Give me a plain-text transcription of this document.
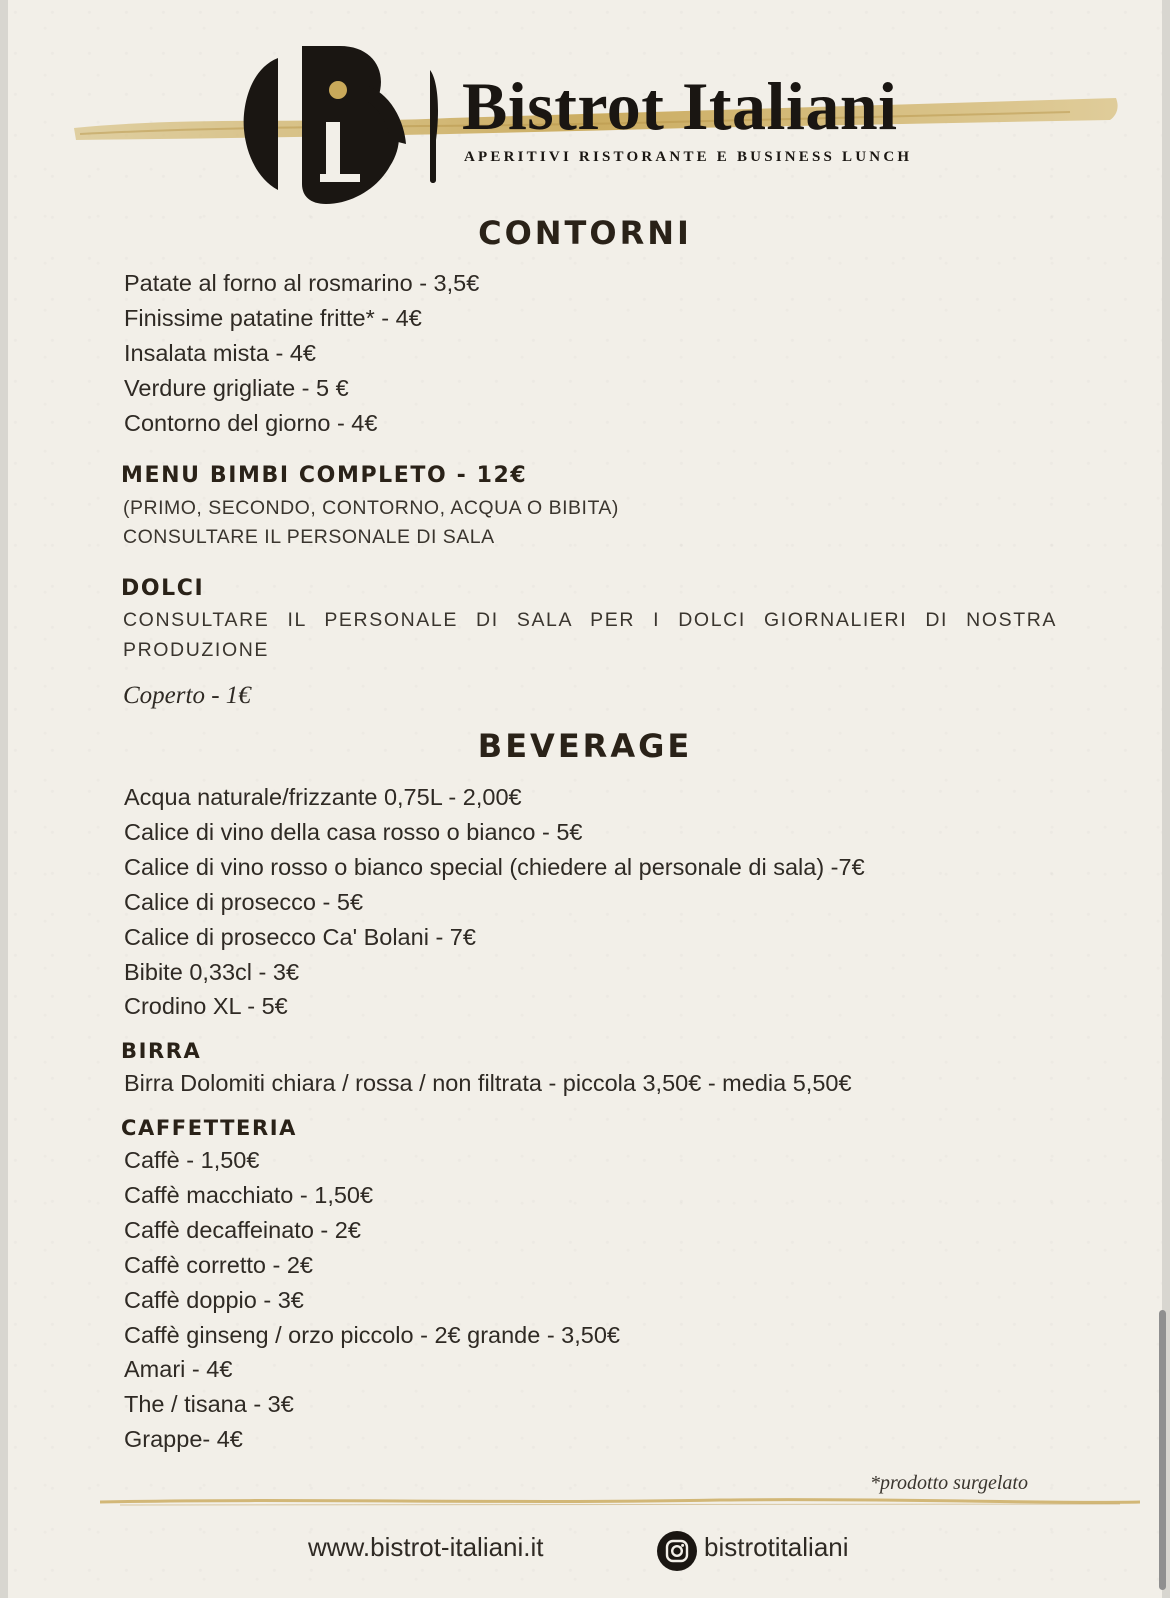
Bistrot Italiani

APERITIVI RISTORANTE E BUSINESS LUNCH

CONTORNI
Patate al forno al rosmarino - 3,5€
Finissime patatine fritte* - 4€
Insalata mista - 4€
Verdure grigliate - 5 €
Contorno del giorno - 4€
MENU BIMBI COMPLETO - 12€

(PRIMO, SECONDO, CONTORNO, ACQUA O BIBITA)

CONSULTARE IL PERSONALE DI SALA

DOLCI

CONSULTARE IL PERSONALE DI SALA PER I DOLCI GIORNALIERI DI NOSTRA PRODUZIONE

Coperto - 1€

BEVERAGE
Acqua naturale/frizzante 0,75L - 2,00€
Calice di vino della casa rosso o bianco - 5€
Calice di vino rosso o bianco special (chiedere al personale di sala) -7€
Calice di prosecco - 5€
Calice di prosecco Ca' Bolani - 7€
Bibite 0,33cl - 3€
Crodino XL - 5€
BIRRA
Birra Dolomiti chiara / rossa / non filtrata - piccola 3,50€ - media 5,50€
CAFFETTERIA
Caffè - 1,50€
Caffè macchiato - 1,50€
Caffè decaffeinato - 2€
Caffè corretto - 2€
Caffè doppio - 3€
Caffè ginseng / orzo piccolo - 2€ grande - 3,50€
Amari - 4€
The / tisana - 3€
Grappe- 4€

*prodotto surgelato

www.bistrot-italiani.it	bistrotitaliani
